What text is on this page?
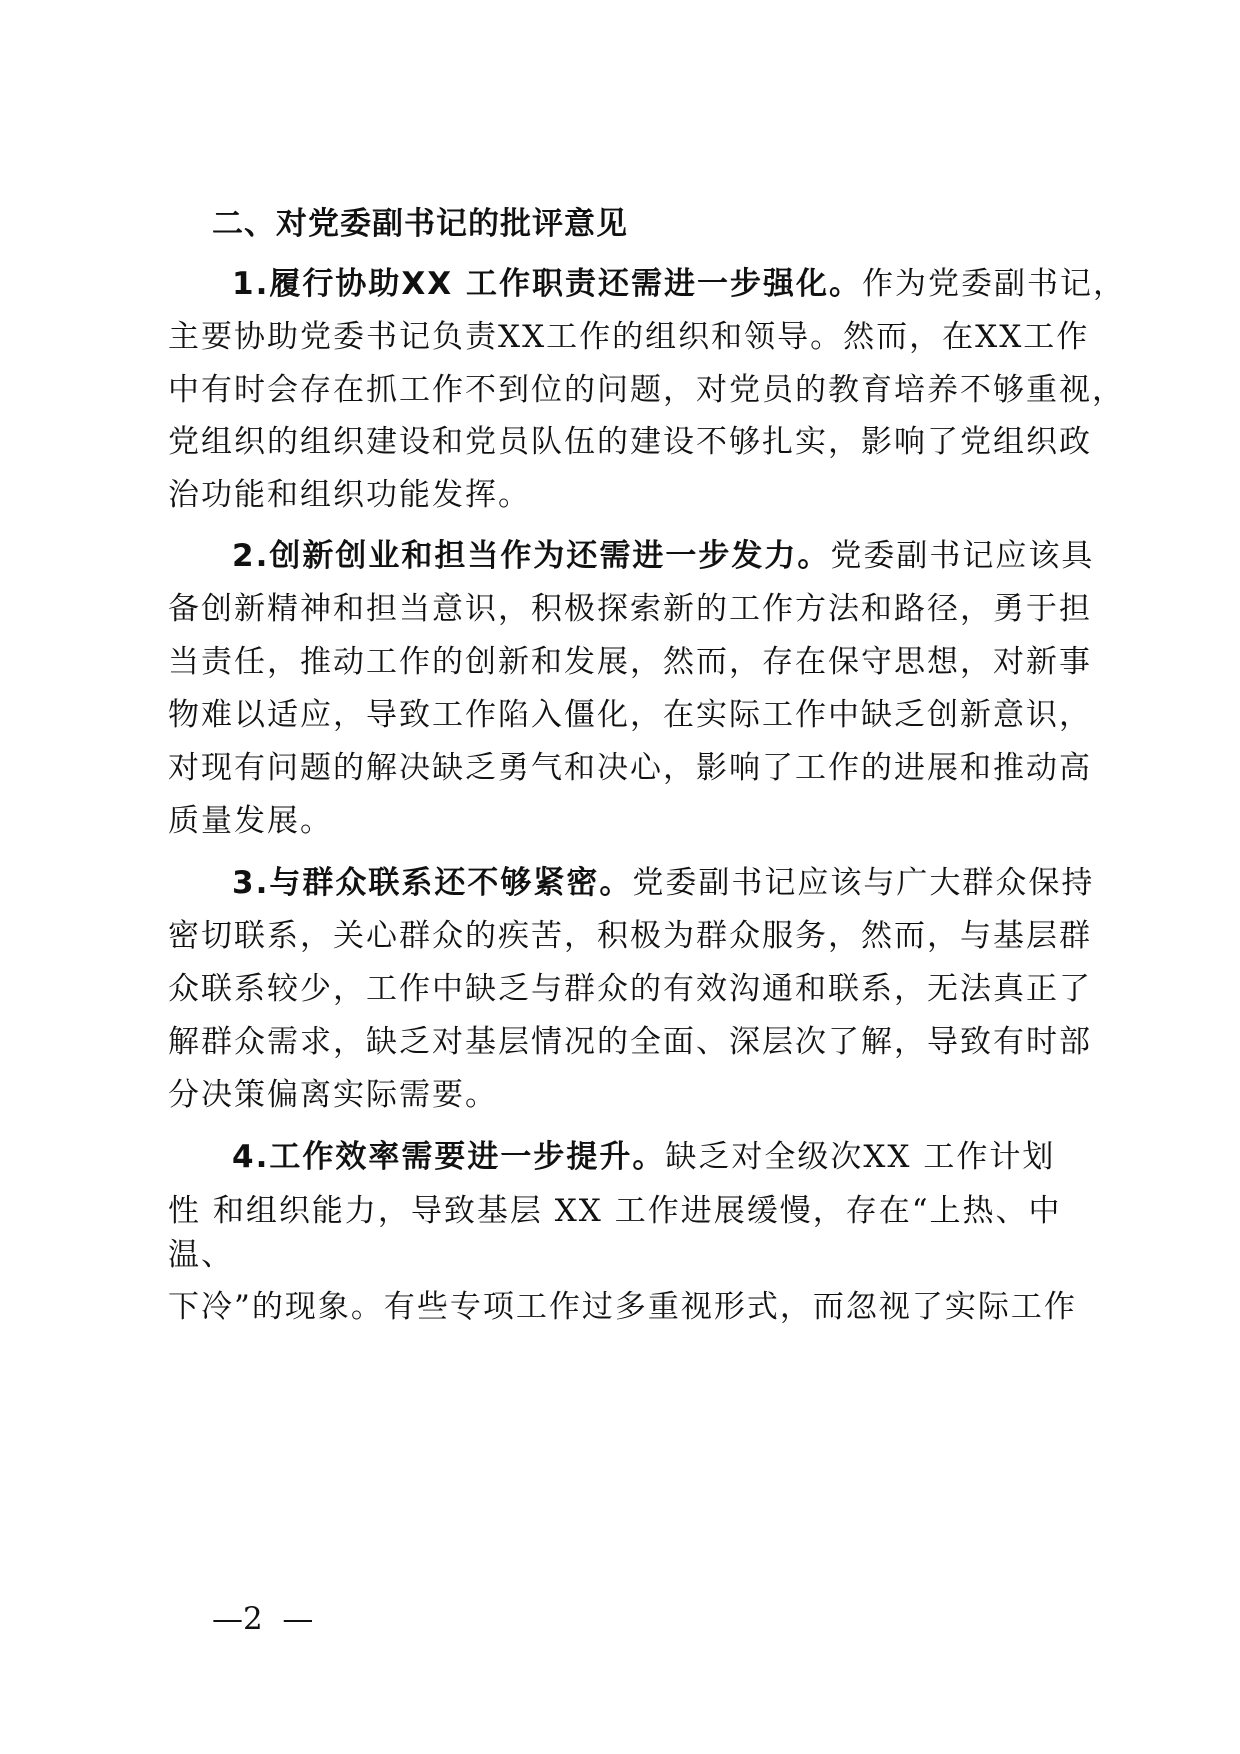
二、对党委副书记的批评意见
1.履行协助XX 工作职责还需进一步强化。作为党委副书记，
主要协助党委书记负责XX工作的组织和领导。然而，在XX工作
中有时会存在抓工作不到位的问题，对党员的教育培养不够重视，
党组织的组织建设和党员队伍的建设不够扎实，影响了党组织政
治功能和组织功能发挥。
2.创新创业和担当作为还需进一步发力。党委副书记应该具
备创新精神和担当意识，积极探索新的工作方法和路径，勇于担
当责任，推动工作的创新和发展，然而，存在保守思想，对新事
物难以适应，导致工作陷入僵化，在实际工作中缺乏创新意识，
对现有问题的解决缺乏勇气和决心，影响了工作的进展和推动高
质量发展。
3.与群众联系还不够紧密。党委副书记应该与广大群众保持
密切联系，关心群众的疾苦，积极为群众服务，然而，与基层群
众联系较少，工作中缺乏与群众的有效沟通和联系，无法真正了
解群众需求，缺乏对基层情况的全面、深层次了解，导致有时部
分决策偏离实际需要。
4.工作效率需要进一步提升。缺乏对全级次XX 工作计划
性 和组织能力，导致基层 XX 工作进展缓慢，存在“上热、中
温、
下冷”的现象。有些专项工作过多重视形式，而忽视了实际工作
—2  —
